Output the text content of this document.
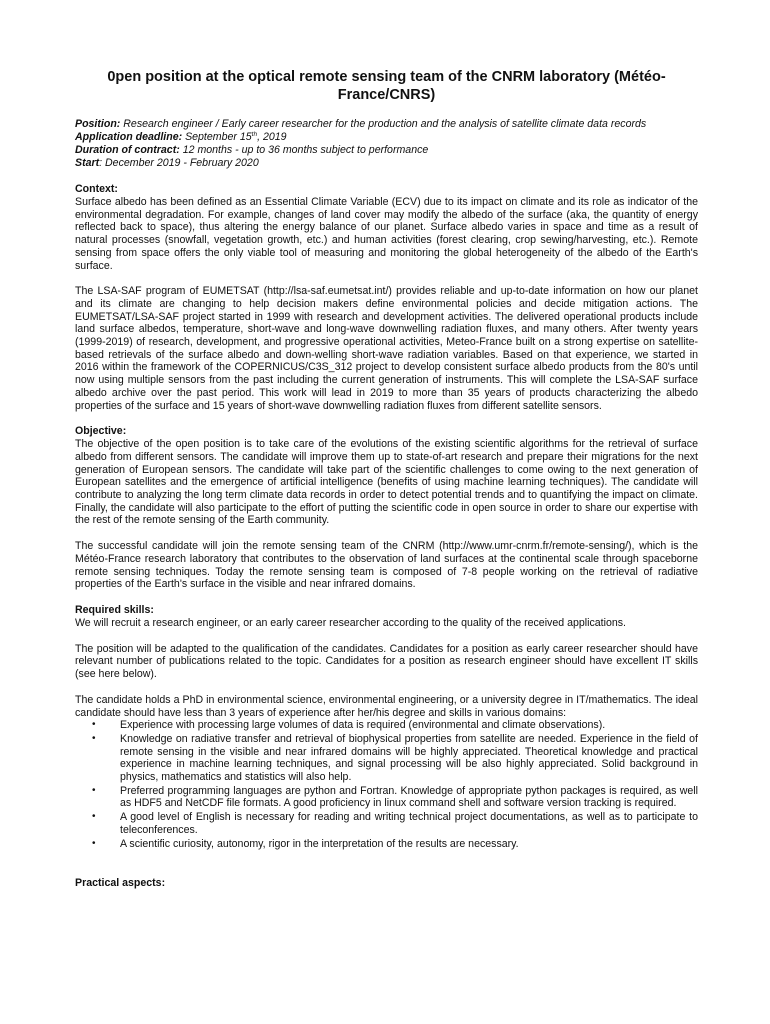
0pen position at the optical remote sensing team of the CNRM laboratory (Météo-France/CNRS)

Position: Research engineer / Early career researcher for the production and the analysis of satellite climate data records

Application deadline: September 15th, 2019

Duration of contract: 12 months - up to 36 months subject to performance

Start: December 2019 - February 2020

Context:

Surface albedo has been defined as an Essential Climate Variable (ECV) due to its impact on climate and its role as indicator of the environmental degradation. For example, changes of land cover may modify the albedo of the surface (aka, the quantity of energy reflected back to space), thus altering the energy balance of our planet. Surface albedo varies in space and time as a result of natural processes (snowfall, vegetation growth, etc.) and human activities (forest clearing, crop sewing/harvesting, etc.). Remote sensing from space offers the only viable tool of measuring and monitoring the global heterogeneity of the albedo of the Earth's surface.

The LSA-SAF program of EUMETSAT (http://lsa-saf.eumetsat.int/) provides reliable and up-to-date information on how our planet and its climate are changing to help decision makers define environmental policies and decide mitigation actions. The EUMETSAT/LSA-SAF project started in 1999 with research and development activities. The delivered operational products include land surface albedos, temperature, short-wave and long-wave downwelling radiation fluxes, and many others. After twenty years (1999-2019) of research, development, and progressive operational activities, Meteo-France built on a strong expertise on satellite-based retrievals of the surface albedo and down-welling short-wave radiation variables. Based on that experience, we started in 2016 within the framework of the COPERNICUS/C3S_312 project to develop consistent surface albedo products from the 80's until now using multiple sensors from the past including the current generation of instruments. This will complete the LSA-SAF surface albedo archive over the past period. This work will lead in 2019 to more than 35 years of products characterizing the albedo properties of the surface and 15 years of short-wave downwelling radiation fluxes from different satellite sensors.

Objective:

The objective of the open position is to take care of the evolutions of the existing scientific algorithms for the retrieval of surface albedo from different sensors. The candidate will improve them up to state-of-art research and prepare their migrations for the next generation of European sensors. The candidate will take part of the scientific challenges to come owing to the next generation of European satellites and the emergence of artificial intelligence (benefits of using machine learning techniques). The candidate will contribute to analyzing the long term climate data records in order to detect potential trends and to quantifying the impact on climate. Finally, the candidate will also participate to the effort of putting the scientific code in open source in order to share our expertise with the rest of the remote sensing of the Earth community.

The successful candidate will join the remote sensing team of the CNRM (http://www.umr-cnrm.fr/remote-sensing/), which is the Météo-France research laboratory that contributes to the observation of land surfaces at the continental scale through spaceborne remote sensing techniques. Today the remote sensing team is composed of 7-8 people working on the retrieval of radiative properties of the Earth's surface in the visible and near infrared domains.

Required skills:

We will recruit a research engineer, or an early career researcher according to the quality of the received applications.

The position will be adapted to the qualification of the candidates. Candidates for a position as early career researcher should have relevant number of publications related to the topic. Candidates for a position as research engineer should have excellent IT skills (see here below).

The candidate holds a PhD in environmental science, environmental engineering, or a university degree in IT/mathematics. The ideal candidate should have less than 3 years of experience after her/his degree and skills in various domains:

• Experience with processing large volumes of data is required (environmental and climate observations).
• Knowledge on radiative transfer and retrieval of biophysical properties from satellite are needed. Experience in the field of remote sensing in the visible and near infrared domains will be highly appreciated. Theoretical knowledge and practical experience in machine learning techniques, and signal processing will be also highly appreciated. Solid background in physics, mathematics and statistics will also help.
• Preferred programming languages are python and Fortran. Knowledge of appropriate python packages is required, as well as HDF5 and NetCDF file formats. A good proficiency in linux command shell and software version tracking is required.
• A good level of English is necessary for reading and writing technical project documentations, as well as to participate to teleconferences.
• A scientific curiosity, autonomy, rigor in the interpretation of the results are necessary.

Practical aspects:
